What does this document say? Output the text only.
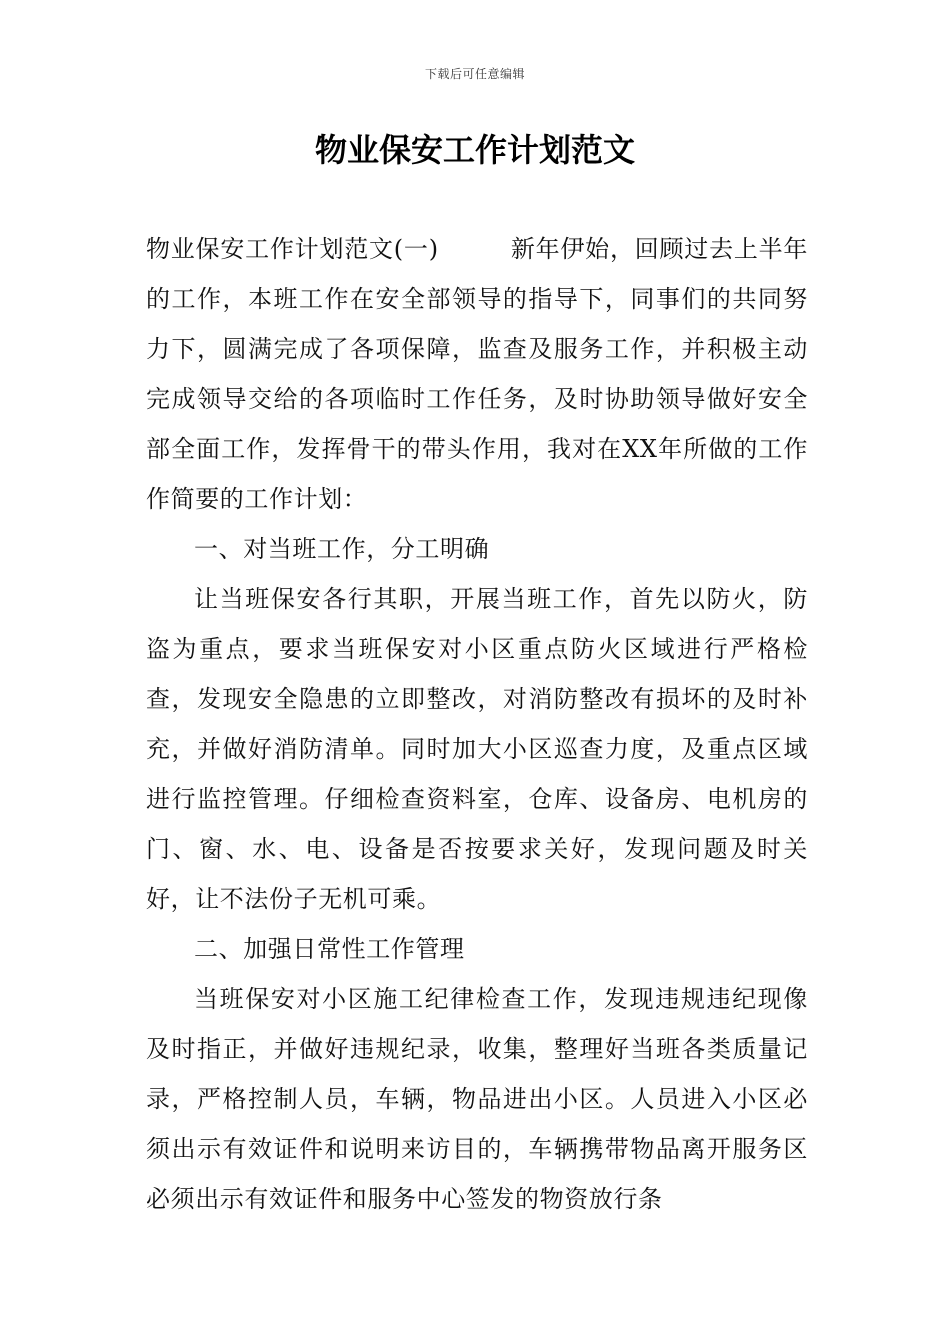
下载后可任意编辑
物业保安工作计划范文

物业保安工作计划范文(一)	新年伊始，回顾过去上半年的工作，本班工作在安全部领导的指导下，同事们的共同努力下，圆满完成了各项保障，监查及服务工作，并积极主动完成领导交给的各项临时工作任务，及时协助领导做好安全部全面工作，发挥骨干的带头作用，我对在XX年所做的工作作简要的工作计划：

一、对当班工作，分工明确

让当班保安各行其职，开展当班工作，首先以防火，防盗为重点，要求当班保安对小区重点防火区域进行严格检查，发现安全隐患的立即整改，对消防整改有损坏的及时补充，并做好消防清单。同时加大小区巡查力度，及重点区域进行监控管理。仔细检查资料室，仓库、设备房、电机房的门、窗、水、电、设备是否按要求关好，发现问题及时关好，让不法份子无机可乘。

二、加强日常性工作管理

当班保安对小区施工纪律检查工作，发现违规违纪现像及时指正，并做好违规纪录，收集，整理好当班各类质量记录，严格控制人员，车辆，物品进出小区。人员进入小区必须出示有效证件和说明来访目的，车辆携带物品离开服务区必须出示有效证件和服务中心签发的物资放行条
